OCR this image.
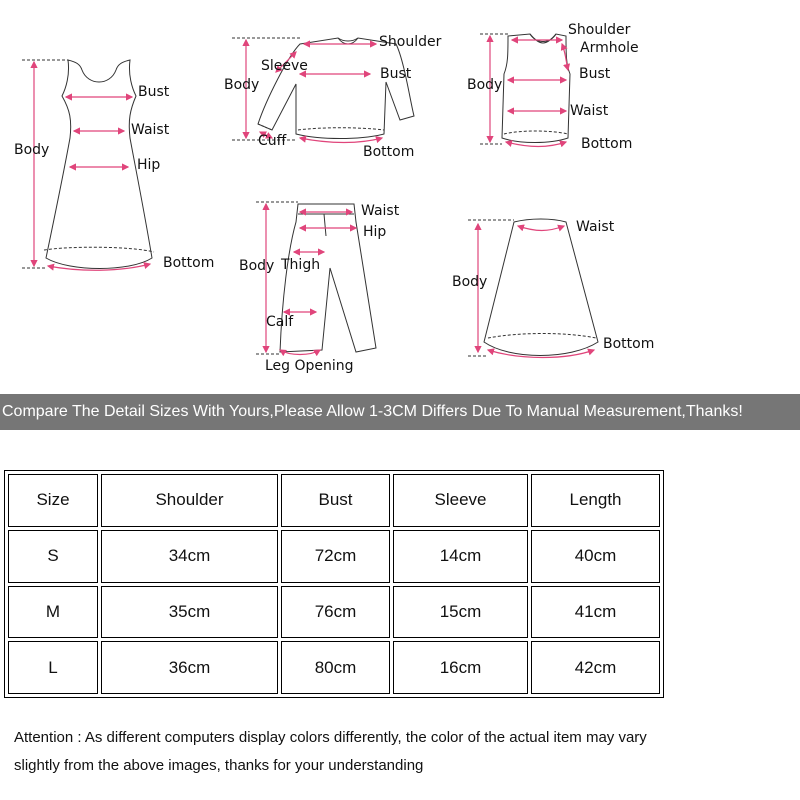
Bust
Waist
Body
Hip
Bottom
Shoulder
Sleeve	Bust
Body
Cuff
Bottom
Shoulder
Armhole
Bust
Body
Waist
Bottom
Waist
Hip
Body Thigh
Calf
Leg Opening
Waist
Body
Bottom
Compare The Detail Sizes With Yours,Please Allow 1-3CM Differs Due To Manual Measurement,Thanks!
Size	Shoulder	Bust	Sleeve	Length
S	34cm	72cm	14cm	40cm
M	35cm	76cm	15cm	41cm
L	36cm	80cm	16cm	42cm
Attention : As different computers display colors differently, the color of the actual item may vary
slightly from the above images, thanks for your understanding
